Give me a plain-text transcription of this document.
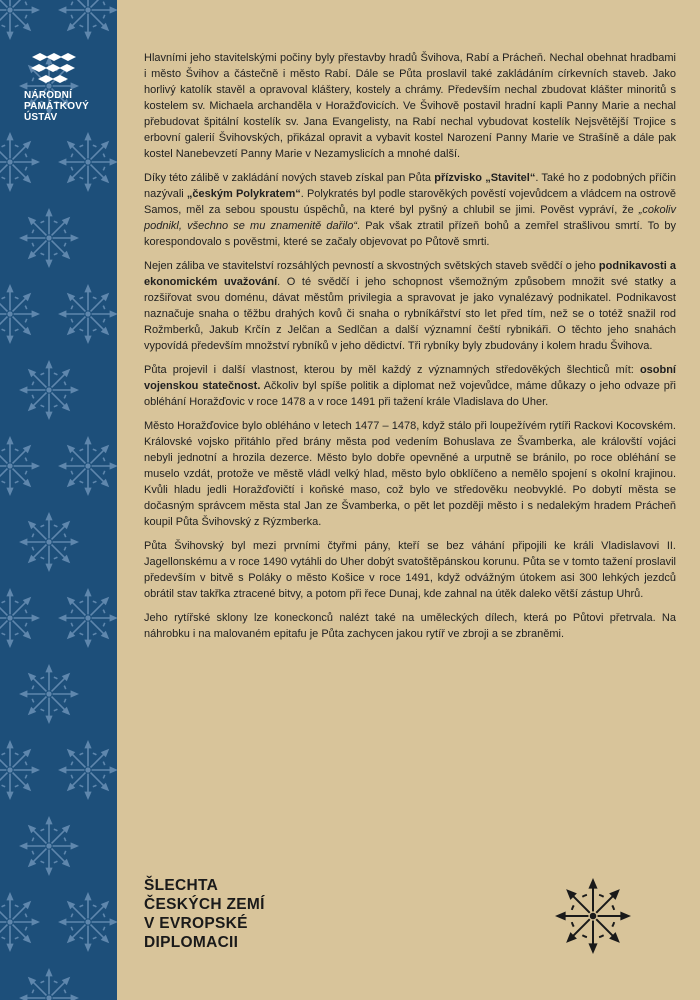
NÁRODNÍ
PAMÁTKOVÝ
ÚSTAV

Hlavními jeho stavitelskými počiny byly přestavby hradů Švihova, Rabí a Prácheň. Nechal obehnat hradbami i město Švihov a částečně i město Rabí. Dále se Půta proslavil také zakládáním církevních staveb. Jako horlivý katolík stavěl a opravoval kláštery, kostely a chrámy. Především nechal zbudovat klášter minoritů s kostelem sv. Michaela archanděla v Horažďovicích. Ve Švihově postavil hradní kapli Panny Marie a nechal přebudovat špitální kostelík sv. Jana Evangelisty, na Rabí nechal vybudovat kostelík Nejsvětější Trojice s erbovní galerií Švihovských, přikázal opravit a vybavit kostel Narození Panny Marie ve Strašíně a dále pak kostel Nanebevzetí Panny Marie v Nezamyslicích a mnohé další.

Díky této zálibě v zakládání nových staveb získal pan Půta přízvisko „Stavitel“. Také ho z podobných příčin nazývali „českým Polykratem“. Polykratés byl podle starověkých pověstí vojevůdcem a vládcem na ostrově Samos, měl za sebou spoustu úspěchů, na které byl pyšný a chlubil se jimi. Pověst vypráví, že „cokoliv podnikl, všechno se mu znamenitě dařilo“. Pak však ztratil přízeň bohů a zemřel strašlivou smrtí. To by korespondovalo s pověstmi, které se začaly objevovat po Půtově smrti.

Nejen záliba ve stavitelství rozsáhlých pevností a skvostných světských staveb svědčí o jeho podnikavosti a ekonomickém uvažování. O té svědčí i jeho schopnost všemožným způsobem množit své statky a rozšiřovat svou doménu, dávat městům privilegia a spravovat je jako vynalézavý podnikatel. Podnikavost naznačuje snaha o těžbu drahých kovů či snaha o rybníkářství sto let před tím, než se o totéž snažil rod Rožmberků, Jakub Krčín z Jelčan a Sedlčan a další významní čeští rybnikáři. O těchto jeho snahách vypovídá především množství rybníků v jeho dědictví. Tři rybníky byly zbudovány i kolem hradu Švihova.

Půta projevil i další vlastnost, kterou by měl každý z významných středověkých šlechticů mít: osobní vojenskou statečnost. Ačkoliv byl spíše politik a diplomat než vojevůdce, máme důkazy o jeho odvaze při obléhání Horažďovic v roce 1478 a v roce 1491 při tažení krále Vladislava do Uher.

Město Horažďovice bylo obléháno v letech 1477 – 1478, když stálo při loupežívém rytíři Rackovi Kocovském. Královské vojsko přitáhlo před brány města pod vedením Bohuslava ze Švamberka, ale královští vojáci nebyli jednotní a hrozila dezerce. Město bylo dobře opevněné a urputně se bránilo, po roce obléhání se muselo vzdát, protože ve městě vládl velký hlad, město bylo obklíčeno a nemělo spojení s okolní krajinou. Kvůli hladu jedli Horažďovičtí i koňské maso, což bylo ve středověku neobvyklé. Po dobytí města se dočasným správcem města stal Jan ze Švamberka, o pět let později město i s nedalekým hradem Prácheň koupil Půta Švihovský z Rýzmberka.

Půta Švihovský byl mezi prvními čtyřmi pány, kteří se bez váhání připojili ke králi Vladislavovi II. Jagellonskému a v roce 1490 vytáhli do Uher dobýt svatoštěpánskou korunu. Půta se v tomto tažení proslavil především v bitvě s Poláky o město Košice v roce 1491, když odvážným útokem asi 300 lehkých jezdců obrátil stav takřka ztracené bitvy, a potom při řece Dunaj, kde zahnal na útěk daleko větší zástup Uhrů.

Jeho rytířské sklony lze koneckonců nalézt také na uměleckých dílech, která po Půtovi přetrvala. Na náhrobku i na malovaném epitafu je Půta zachycen jakou rytíř ve zbroji a se zbraněmi.

ŠLECHTA
ČESKÝCH ZEMÍ
V EVROPSKÉ
DIPLOMACII
